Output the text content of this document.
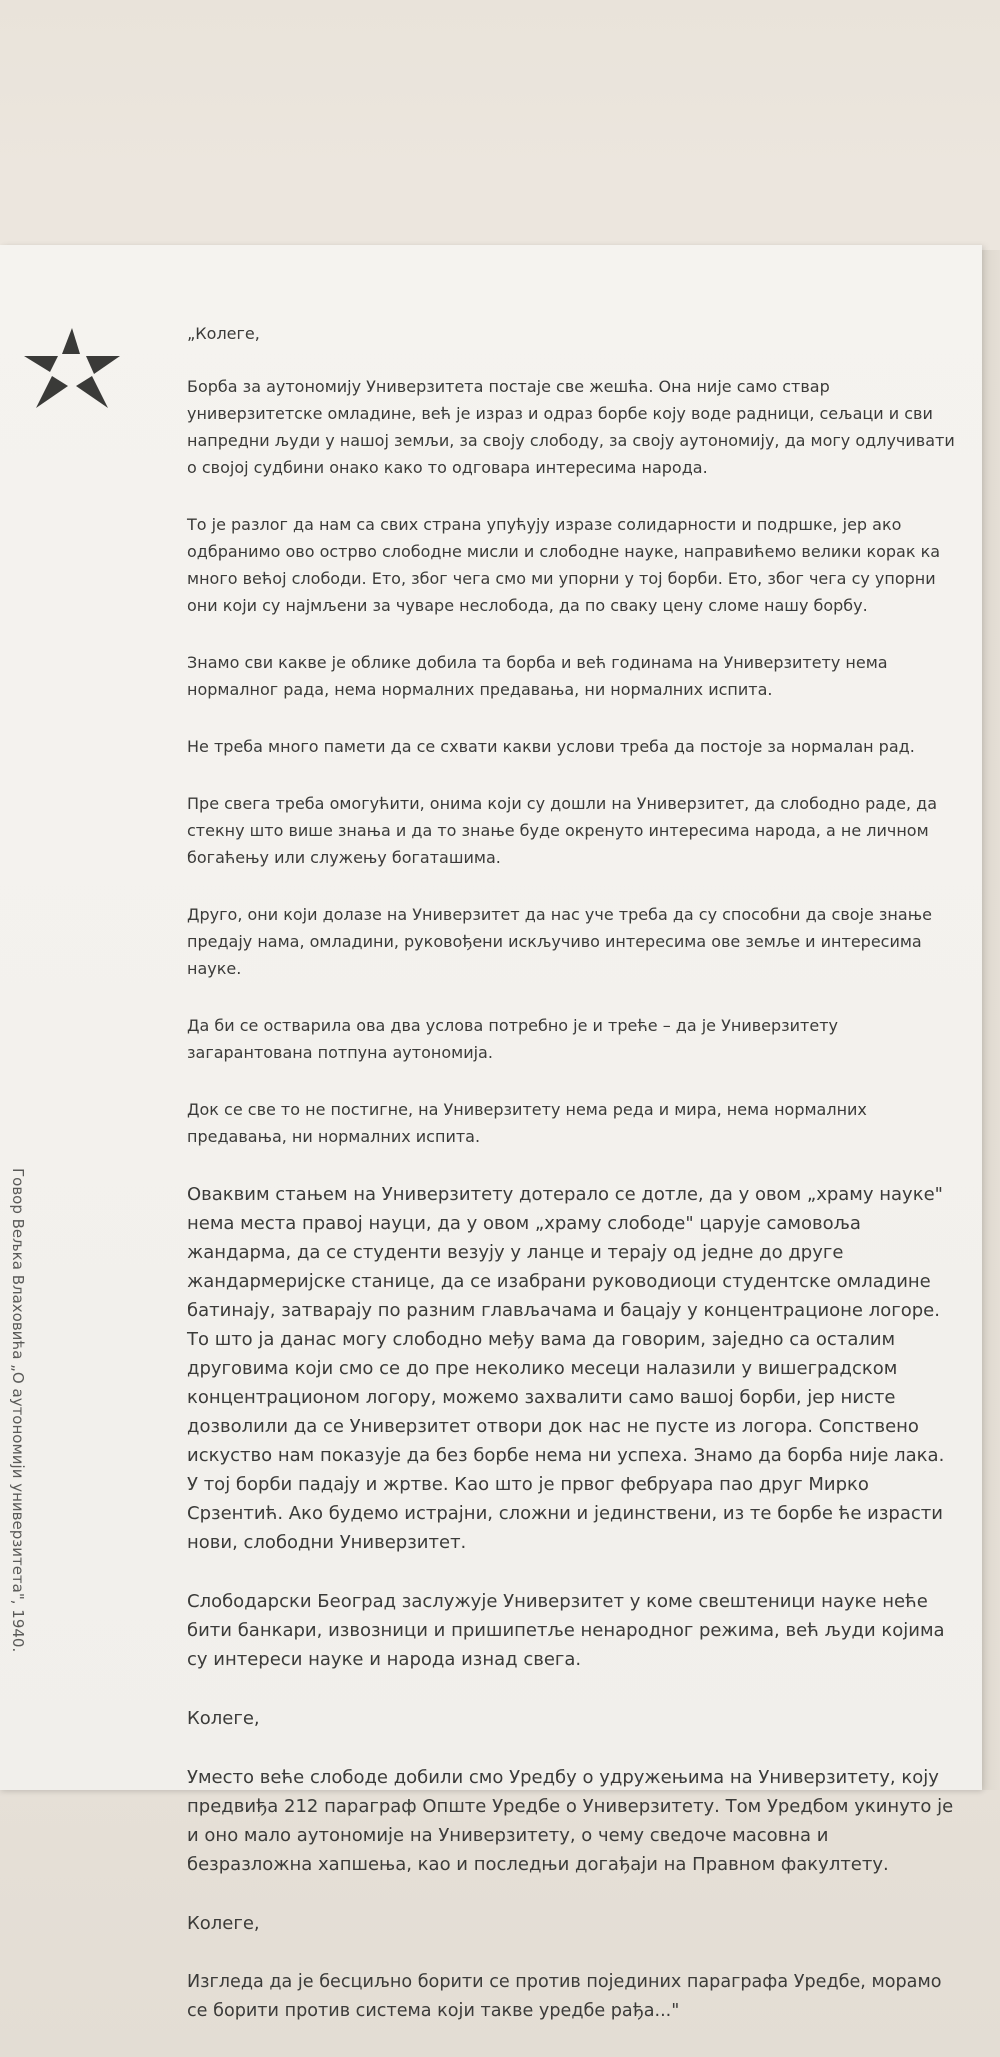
Говор Вељка Влаховића „О аутономији универзитета", 1940.

„Колеге,

Борба за аутономију Универзитета постаје све жешћа. Она није само ствар универзитетске омладине, већ је израз и одраз борбе коју воде радници, сељаци и сви напредни људи у нашој земљи, за своју слободу, за своју аутономију, да могу одлучивати о својој судбини онако како то одговара интересима народа.

То је разлог да нам са свих страна упућују изразе солидарности и подршке, јер ако одбранимо ово острво слободне мисли и слободне науке, направићемо велики корак ка много већој слободи. Ето, због чега смо ми упорни у тој борби. Ето, због чега су упорни они који су најмљени за чуваре неслобода, да по сваку цену сломе нашу борбу.

Знамо сви какве је облике добила та борба и већ годинама на Универзитету нема нормалног рада, нема нормалних предавања, ни нормалних испита.

Не треба много памети да се схвати какви услови треба да постоје за нормалан рад.

Пре свега треба омогућити, онима који су дошли на Универзитет, да слободно раде, да стекну што више знања и да то знање буде окренуто интересима народа, а не личном богаћењу или служењу богаташима.

Друго, они који долазе на Универзитет да нас уче треба да су способни да своје знање предају нама, омладини, руковођени искључиво интересима ове земље и интересима науке.

Да би се остварила ова два услова потребно је и треће – да је Универзитету загарантована потпуна аутономија.

Док се све то не постигне, на Универзитету нема реда и мира, нема нормалних предавања, ни нормалних испита.

Оваквим стањем на Универзитету дотерало се дотле, да у овом „храму науке" нема места правој науци, да у овом „храму слободе" царује самовоља жандарма, да се студенти везују у ланце и терају од једне до друге жандармеријске станице, да се изабрани руководиоци студентске омладине батинају, затварају по разним глављачама и бацају у концентрационе логоре. То што ја данас могу слободно међу вама да говорим, заједно са осталим друговима који смо се до пре неколико месеци налазили у вишеградском концентрационом логору, можемо захвалити само вашој борби, јер нисте дозволили да се Универзитет отвори док нас не пусте из логора. Сопствено искуство нам показује да без борбе нема ни успеха. Знамо да борба није лака. У тој борби падају и жртве. Као што је првог фебруара пао друг Мирко Срзентић. Ако будемо истрајни, сложни и јединствени, из те борбе ће израсти нови, слободни Универзитет.

Слободарски Београд заслужује Универзитет у коме свештеници науке неће бити банкари, извозници и пришипетље ненародног режима, већ људи којима су интереси науке и народа изнад свега.

Колеге,

Уместо веће слободе добили смо Уредбу о удружењима на Универзитету, коју предвиђа 212 параграф Опште Уредбе о Универзитету. Том Уредбом укинуто је и оно мало аутономије на Универзитету, о чему сведоче масовна и безразложна хапшења, као и последњи догађаји на Правном факултету.

Колеге,

Изгледа да је бесциљно борити се против појединих параграфа Уредбе, морамо се борити против система који такве уредбе рађа..."
